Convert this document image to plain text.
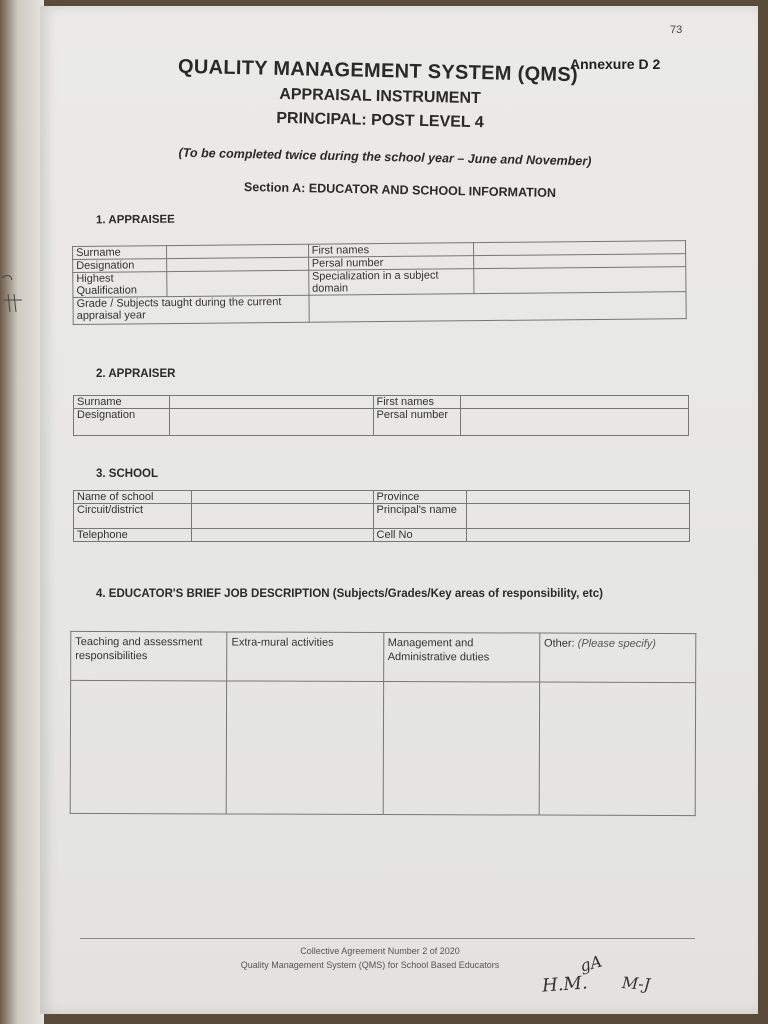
73
Annexure D 2
QUALITY MANAGEMENT SYSTEM (QMS)
APPRAISAL INSTRUMENT
PRINCIPAL: POST LEVEL 4
(To be completed twice during the school year – June and November)
Section A: EDUCATOR AND SCHOOL INFORMATION
1. APPRAISEE
Surname		First names	
Designation		Persal number	
Highest Qualification		Specialization in a subject domain	
Grade / Subjects taught during the current appraisal year			
2. APPRAISER
Surname		First names	
Designation		Persal number	
3. SCHOOL
Name of school		Province	
Circuit/district		Principal's name	
Telephone		Cell No	
4. EDUCATOR'S BRIEF JOB DESCRIPTION (Subjects/Grades/Key areas of responsibility, etc)
Teaching and assessment responsibilities	Extra-mural activities	Management and Administrative duties	Other: (Please specify)

Collective Agreement Number 2 of 2020
Quality Management System (QMS) for School Based Educators	gA
H.M. M-J
